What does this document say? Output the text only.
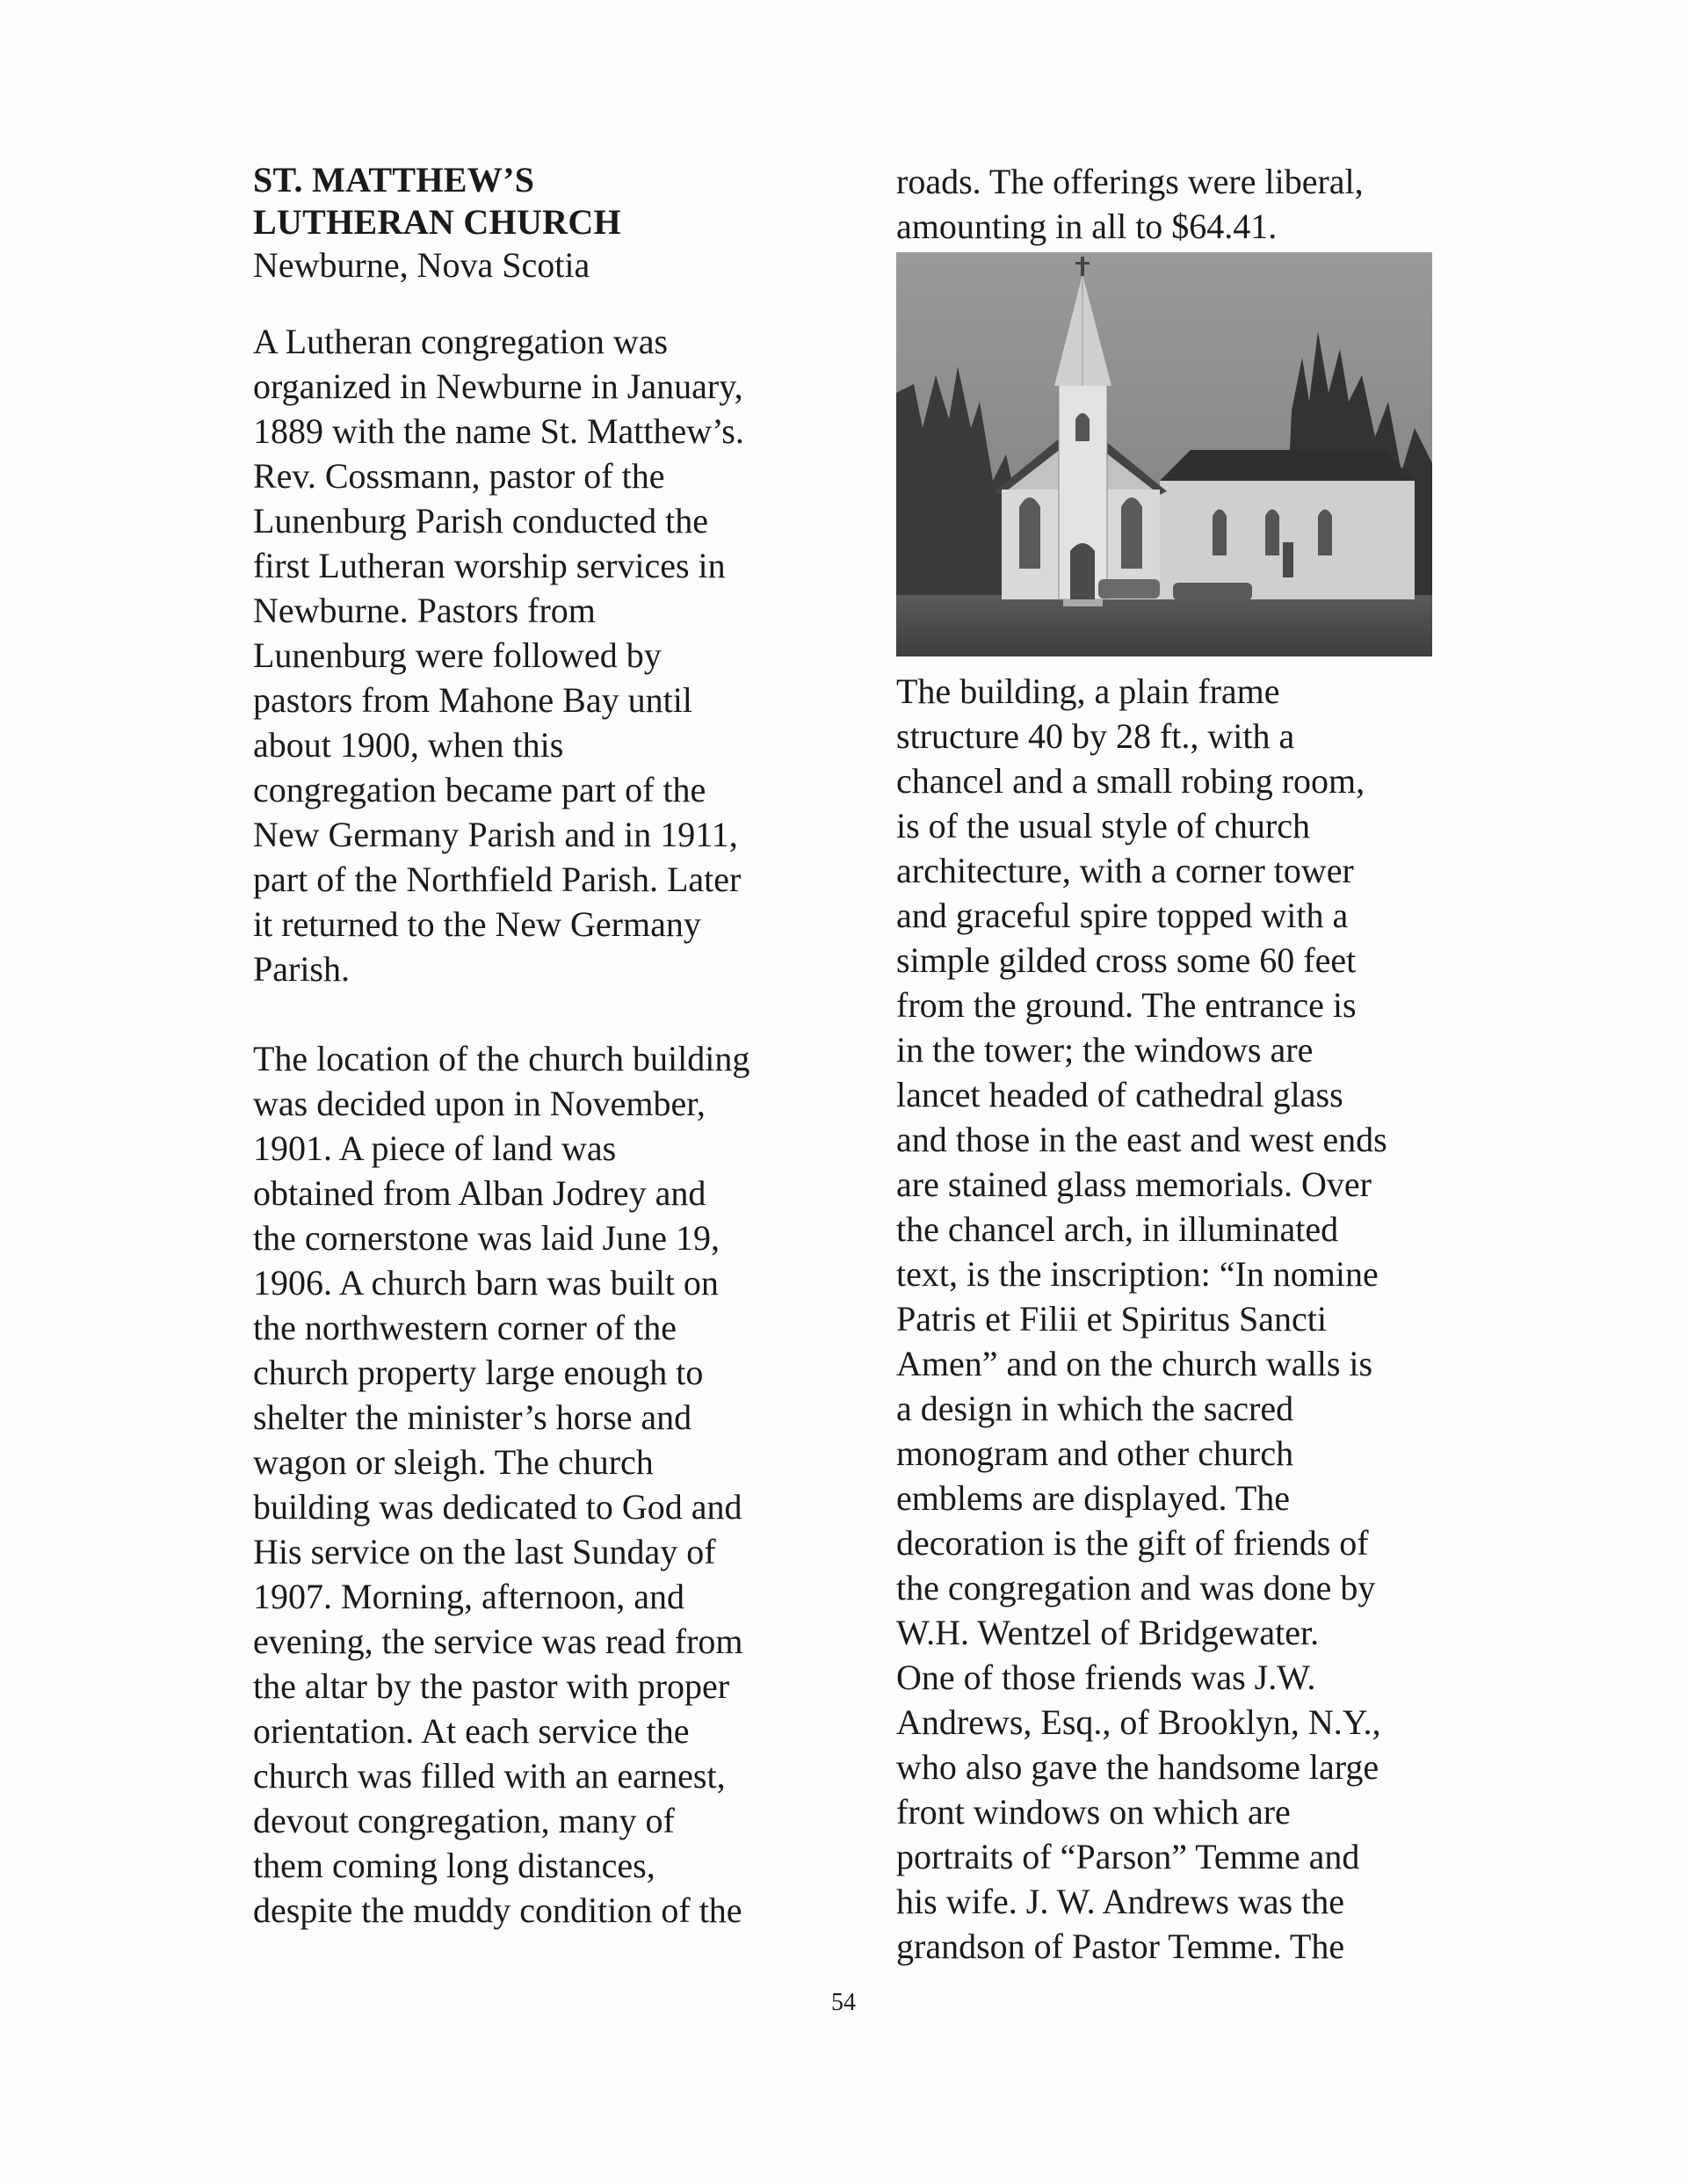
ST. MATTHEW’S
LUTHERAN CHURCH
Newburne, Nova Scotia
A Lutheran congregation was
organized in Newburne in January,
1889 with the name St. Matthew’s.
Rev. Cossmann, pastor of the
Lunenburg Parish conducted the
first Lutheran worship services in
Newburne. Pastors from
Lunenburg were followed by
pastors from Mahone Bay until
about 1900, when this
congregation became part of the
New Germany Parish and in 1911,
part of the Northfield Parish. Later
it returned to the New Germany
Parish.
The location of the church building
was decided upon in November,
1901. A piece of land was
obtained from Alban Jodrey and
the cornerstone was laid June 19,
1906. A church barn was built on
the northwestern corner of the
church property large enough to
shelter the minister’s horse and
wagon or sleigh. The church
building was dedicated to God and
His service on the last Sunday of
1907. Morning, afternoon, and
evening, the service was read from
the altar by the pastor with proper
orientation. At each service the
church was filled with an earnest,
devout congregation, many of
them coming long distances,
despite the muddy condition of the
roads. The offerings were liberal,
amounting in all to $64.41.
The building, a plain frame
structure 40 by 28 ft., with a
chancel and a small robing room,
is of the usual style of church
architecture, with a corner tower
and graceful spire topped with a
simple gilded cross some 60 feet
from the ground. The entrance is
in the tower; the windows are
lancet headed of cathedral glass
and those in the east and west ends
are stained glass memorials. Over
the chancel arch, in illuminated
text, is the inscription: “In nomine
Patris et Filii et Spiritus Sancti
Amen” and on the church walls is
a design in which the sacred
monogram and other church
emblems are displayed. The
decoration is the gift of friends of
the congregation and was done by
W.H. Wentzel of Bridgewater.
One of those friends was J.W.
Andrews, Esq., of Brooklyn, N.Y.,
who also gave the handsome large
front windows on which are
portraits of “Parson” Temme and
his wife. J. W. Andrews was the
grandson of Pastor Temme. The
54
